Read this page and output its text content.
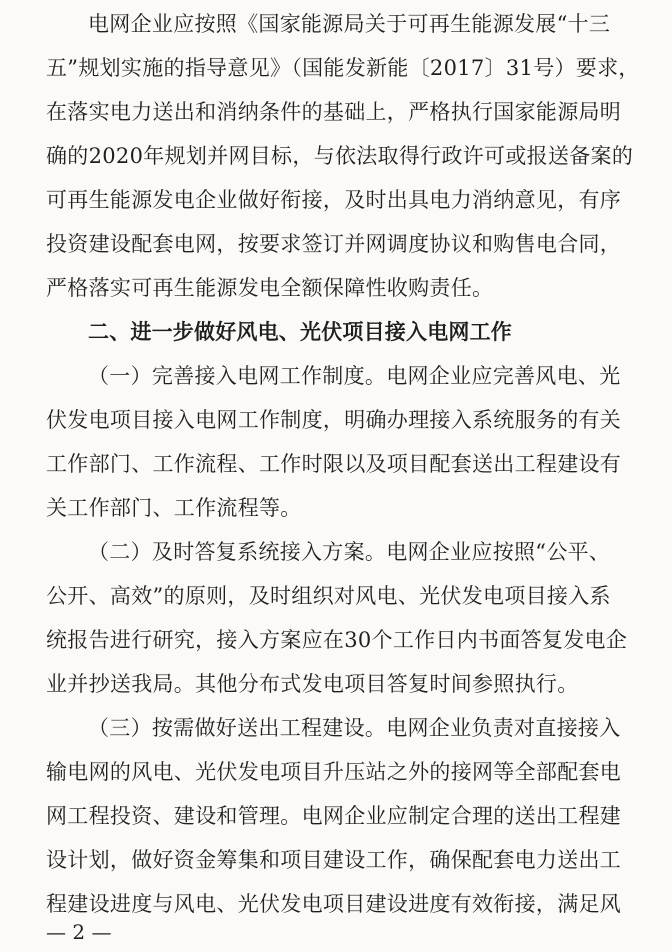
电网企业应按照《国家能源局关于可再生能源发展“十三
五”规划实施的指导意见》（国能发新能〔2017〕31号）要求，
在落实电力送出和消纳条件的基础上，严格执行国家能源局明
确的2020年规划并网目标，与依法取得行政许可或报送备案的
可再生能源发电企业做好衔接，及时出具电力消纳意见，有序
投资建设配套电网，按要求签订并网调度协议和购售电合同，
严格落实可再生能源发电全额保障性收购责任。
二、进一步做好风电、光伏项目接入电网工作
（一）完善接入电网工作制度。电网企业应完善风电、光
伏发电项目接入电网工作制度，明确办理接入系统服务的有关
工作部门、工作流程、工作时限以及项目配套送出工程建设有
关工作部门、工作流程等。
（二）及时答复系统接入方案。电网企业应按照“公平、
公开、高效”的原则，及时组织对风电、光伏发电项目接入系
统报告进行研究，接入方案应在30个工作日内书面答复发电企
业并抄送我局。其他分布式发电项目答复时间参照执行。
（三）按需做好送出工程建设。电网企业负责对直接接入
输电网的风电、光伏发电项目升压站之外的接网等全部配套电
网工程投资、建设和管理。电网企业应制定合理的送出工程建
设计划，做好资金筹集和项目建设工作，确保配套电力送出工
程建设进度与风电、光伏发电项目建设进度有效衔接，满足风
— 2 —
